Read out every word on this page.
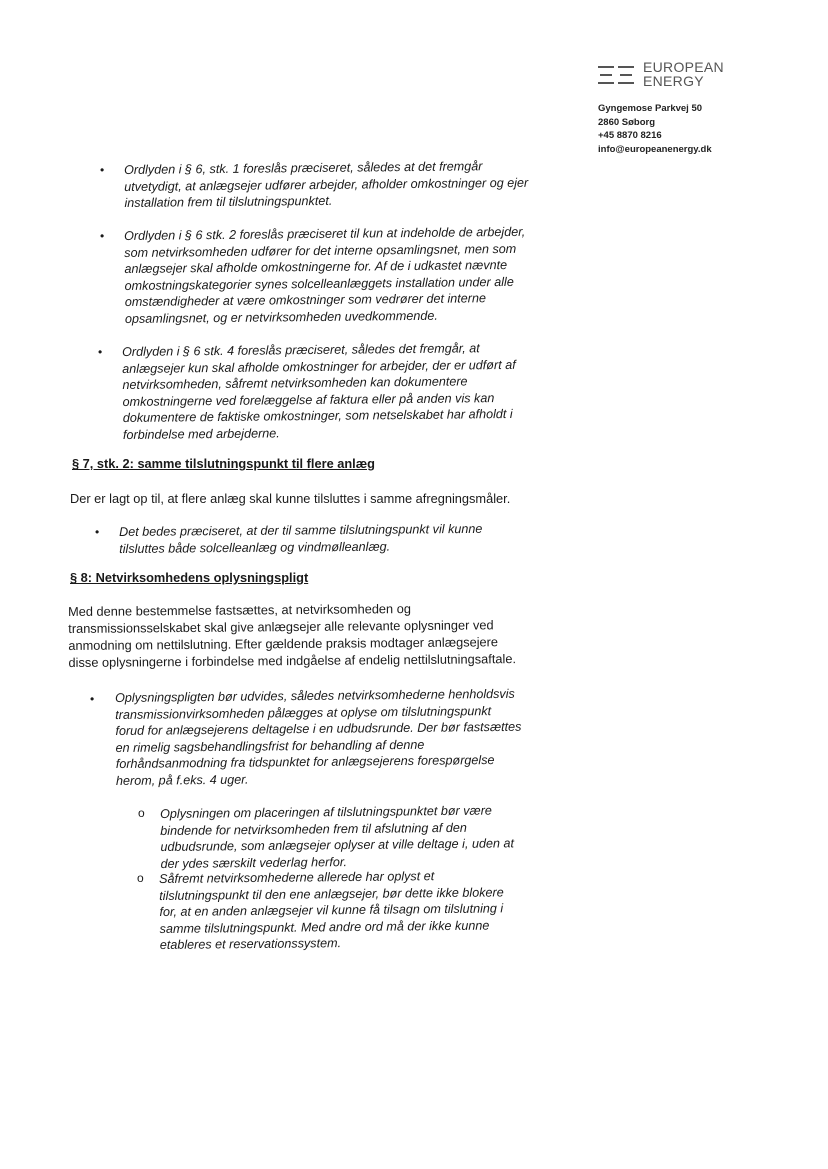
EUROPEAN
ENERGY
Gyngemose Parkvej 50
2860 Søborg
+45 8870 8216
info@europeanenergy.dk
• Ordlyden i § 6, stk. 1 foreslås præciseret, således at det fremgår
utvetydigt, at anlægsejer udfører arbejder, afholder omkostninger og ejer
installation frem til tilslutningspunktet.
• Ordlyden i § 6 stk. 2 foreslås præciseret til kun at indeholde de arbejder,
som netvirksomheden udfører for det interne opsamlingsnet, men som
anlægsejer skal afholde omkostningerne for. Af de i udkastet nævnte
omkostningskategorier synes solcelleanlæggets installation under alle
omstændigheder at være omkostninger som vedrører det interne
opsamlingsnet, og er netvirksomheden uvedkommende.
• Ordlyden i § 6 stk. 4 foreslås præciseret, således det fremgår, at
anlægsejer kun skal afholde omkostninger for arbejder, der er udført af
netvirksomheden, såfremt netvirksomheden kan dokumentere
omkostningerne ved forelæggelse af faktura eller på anden vis kan
dokumentere de faktiske omkostninger, som netselskabet har afholdt i
forbindelse med arbejderne.
§ 7, stk. 2: samme tilslutningspunkt til flere anlæg
Der er lagt op til, at flere anlæg skal kunne tilsluttes i samme afregningsmåler.
• Det bedes præciseret, at der til samme tilslutningspunkt vil kunne
tilsluttes både solcelleanlæg og vindmølleanlæg.
§ 8: Netvirksomhedens oplysningspligt
Med denne bestemmelse fastsættes, at netvirksomheden og
transmissionsselskabet skal give anlægsejer alle relevante oplysninger ved
anmodning om nettilslutning. Efter gældende praksis modtager anlægsejere
disse oplysningerne i forbindelse med indgåelse af endelig nettilslutningsaftale.
• Oplysningspligten bør udvides, således netvirksomhederne henholdsvis
transmissionvirksomheden pålægges at oplyse om tilslutningspunkt
forud for anlægsejerens deltagelse i en udbudsrunde. Der bør fastsættes
en rimelig sagsbehandlingsfrist for behandling af denne
forhåndsanmodning fra tidspunktet for anlægsejerens forespørgelse
herom, på f.eks. 4 uger.
o Oplysningen om placeringen af tilslutningspunktet bør være
bindende for netvirksomheden frem til afslutning af den
udbudsrunde, som anlægsejer oplyser at ville deltage i, uden at
der ydes særskilt vederlag herfor.
o Såfremt netvirksomhederne allerede har oplyst et
tilslutningspunkt til den ene anlægsejer, bør dette ikke blokere
for, at en anden anlægsejer vil kunne få tilsagn om tilslutning i
samme tilslutningspunkt. Med andre ord må der ikke kunne
etableres et reservationssystem.
